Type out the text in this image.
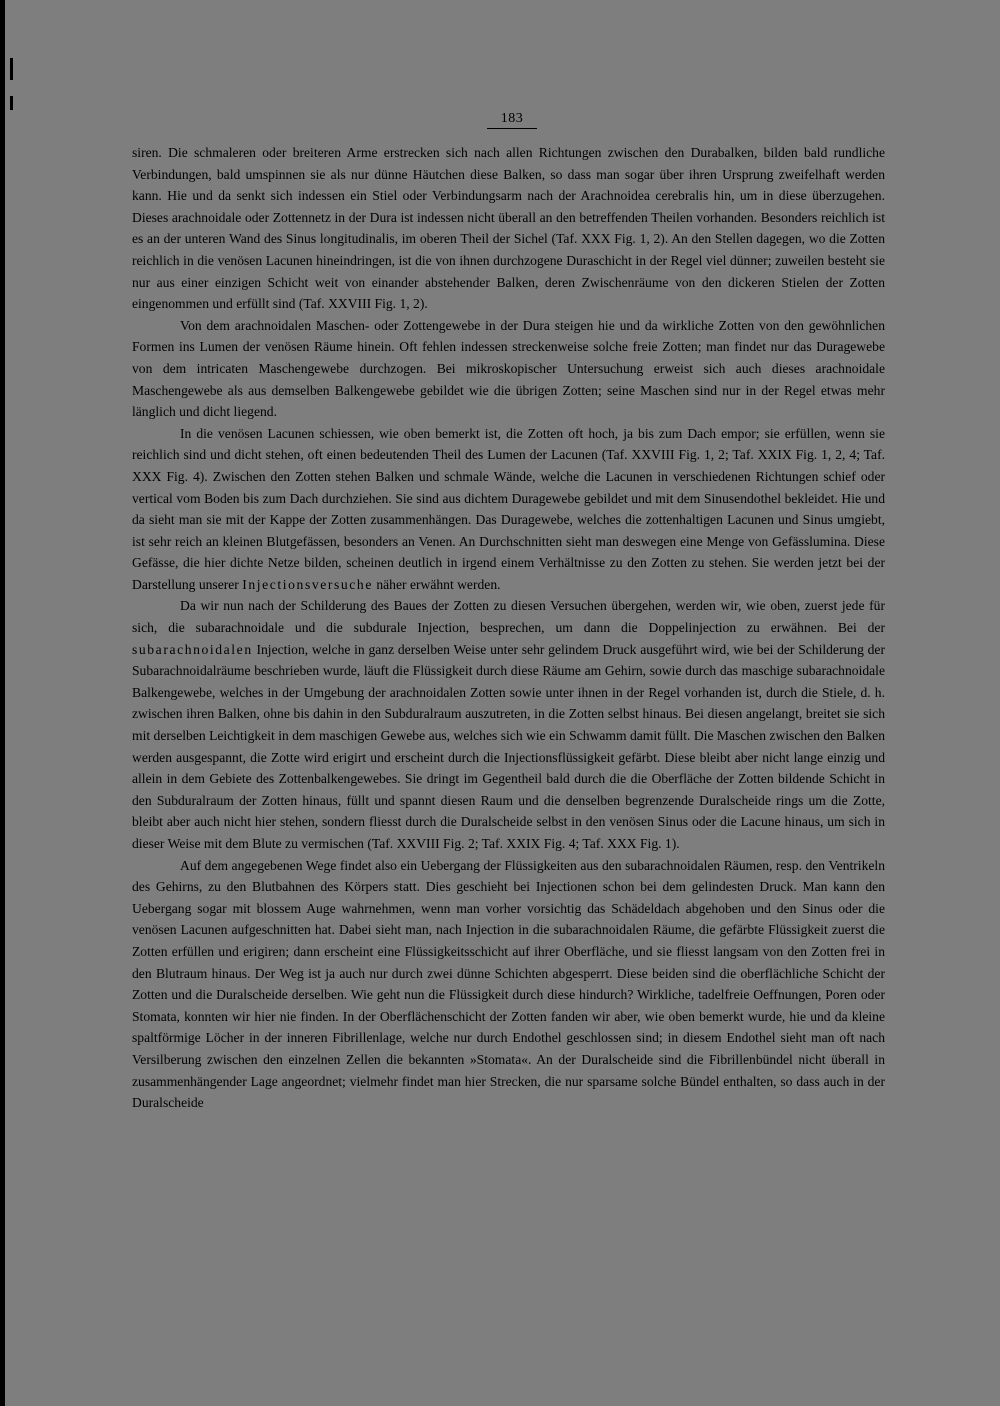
183

siren. Die schmaleren oder breiteren Arme erstrecken sich nach allen Richtungen zwischen den Durabalken, bilden bald rundliche Verbindungen, bald umspinnen sie als nur dünne Häutchen diese Balken, so dass man sogar über ihren Ursprung zweifelhaft werden kann. Hie und da senkt sich indessen ein Stiel oder Verbindungsarm nach der Arachnoidea cerebralis hin, um in diese überzugehen. Dieses arachnoidale oder Zottennetz in der Dura ist indessen nicht überall an den betreffenden Theilen vorhanden. Besonders reichlich ist es an der unteren Wand des Sinus longitudinalis, im oberen Theil der Sichel (Taf. XXX Fig. 1, 2). An den Stellen dagegen, wo die Zotten reichlich in die venösen Lacunen hineindringen, ist die von ihnen durchzogene Duraschicht in der Regel viel dünner; zuweilen besteht sie nur aus einer einzigen Schicht weit von einander abstehender Balken, deren Zwischenräume von den dickeren Stielen der Zotten eingenommen und erfüllt sind (Taf. XXVIII Fig. 1, 2).

Von dem arachnoidalen Maschen- oder Zottengewebe in der Dura steigen hie und da wirkliche Zotten von den gewöhnlichen Formen ins Lumen der venösen Räume hinein. Oft fehlen indessen streckenweise solche freie Zotten; man findet nur das Duragewebe von dem intricaten Maschengewebe durchzogen. Bei mikroskopischer Untersuchung erweist sich auch dieses arachnoidale Maschengewebe als aus demselben Balkengewebe gebildet wie die übrigen Zotten; seine Maschen sind nur in der Regel etwas mehr länglich und dicht liegend.

In die venösen Lacunen schiessen, wie oben bemerkt ist, die Zotten oft hoch, ja bis zum Dach empor; sie erfüllen, wenn sie reichlich sind und dicht stehen, oft einen bedeutenden Theil des Lumen der Lacunen (Taf. XXVIII Fig. 1, 2; Taf. XXIX Fig. 1, 2, 4; Taf. XXX Fig. 4). Zwischen den Zotten stehen Balken und schmale Wände, welche die Lacunen in verschiedenen Richtungen schief oder vertical vom Boden bis zum Dach durchziehen. Sie sind aus dichtem Duragewebe gebildet und mit dem Sinusendothel bekleidet. Hie und da sieht man sie mit der Kappe der Zotten zusammenhängen. Das Duragewebe, welches die zottenhaltigen Lacunen und Sinus umgiebt, ist sehr reich an kleinen Blutgefässen, besonders an Venen. An Durchschnitten sieht man deswegen eine Menge von Gefässlumina. Diese Gefässe, die hier dichte Netze bilden, scheinen deutlich in irgend einem Verhältnisse zu den Zotten zu stehen. Sie werden jetzt bei der Darstellung unserer Injectionsversuche näher erwähnt werden.

Da wir nun nach der Schilderung des Baues der Zotten zu diesen Versuchen übergehen, werden wir, wie oben, zuerst jede für sich, die subarachnoidale und die subdurale Injection, besprechen, um dann die Doppelinjection zu erwähnen. Bei der subarachnoidalen Injection, welche in ganz derselben Weise unter sehr gelindem Druck ausgeführt wird, wie bei der Schilderung der Subarachnoidalräume beschrieben wurde, läuft die Flüssigkeit durch diese Räume am Gehirn, sowie durch das maschige subarachnoidale Balkengewebe, welches in der Umgebung der arachnoidalen Zotten sowie unter ihnen in der Regel vorhanden ist, durch die Stiele, d. h. zwischen ihren Balken, ohne bis dahin in den Subduralraum auszutreten, in die Zotten selbst hinaus. Bei diesen angelangt, breitet sie sich mit derselben Leichtigkeit in dem maschigen Gewebe aus, welches sich wie ein Schwamm damit füllt. Die Maschen zwischen den Balken werden ausgespannt, die Zotte wird erigirt und erscheint durch die Injectionsflüssigkeit gefärbt. Diese bleibt aber nicht lange einzig und allein in dem Gebiete des Zottenbalkengewebes. Sie dringt im Gegentheil bald durch die die Oberfläche der Zotten bildende Schicht in den Subduralraum der Zotten hinaus, füllt und spannt diesen Raum und die denselben begrenzende Duralscheide rings um die Zotte, bleibt aber auch nicht hier stehen, sondern fliesst durch die Duralscheide selbst in den venösen Sinus oder die Lacune hinaus, um sich in dieser Weise mit dem Blute zu vermischen (Taf. XXVIII Fig. 2; Taf. XXIX Fig. 4; Taf. XXX Fig. 1).

Auf dem angegebenen Wege findet also ein Uebergang der Flüssigkeiten aus den subarachnoidalen Räumen, resp. den Ventrikeln des Gehirns, zu den Blutbahnen des Körpers statt. Dies geschieht bei Injectionen schon bei dem gelindesten Druck. Man kann den Uebergang sogar mit blossem Auge wahrnehmen, wenn man vorher vorsichtig das Schädeldach abgehoben und den Sinus oder die venösen Lacunen aufgeschnitten hat. Dabei sieht man, nach Injection in die subarachnoidalen Räume, die gefärbte Flüssigkeit zuerst die Zotten erfüllen und erigiren; dann erscheint eine Flüssigkeitsschicht auf ihrer Oberfläche, und sie fliesst langsam von den Zotten frei in den Blutraum hinaus. Der Weg ist ja auch nur durch zwei dünne Schichten abgesperrt. Diese beiden sind die oberflächliche Schicht der Zotten und die Duralscheide derselben. Wie geht nun die Flüssigkeit durch diese hindurch? Wirkliche, tadelfreie Oeffnungen, Poren oder Stomata, konnten wir hier nie finden. In der Oberflächenschicht der Zotten fanden wir aber, wie oben bemerkt wurde, hie und da kleine spaltförmige Löcher in der inneren Fibrillenlage, welche nur durch Endothel geschlossen sind; in diesem Endothel sieht man oft nach Versilberung zwischen den einzelnen Zellen die bekannten »Stomata«. An der Duralscheide sind die Fibrillenbündel nicht überall in zusammenhängender Lage angeordnet; vielmehr findet man hier Strecken, die nur sparsame solche Bündel enthalten, so dass auch in der Duralscheide
